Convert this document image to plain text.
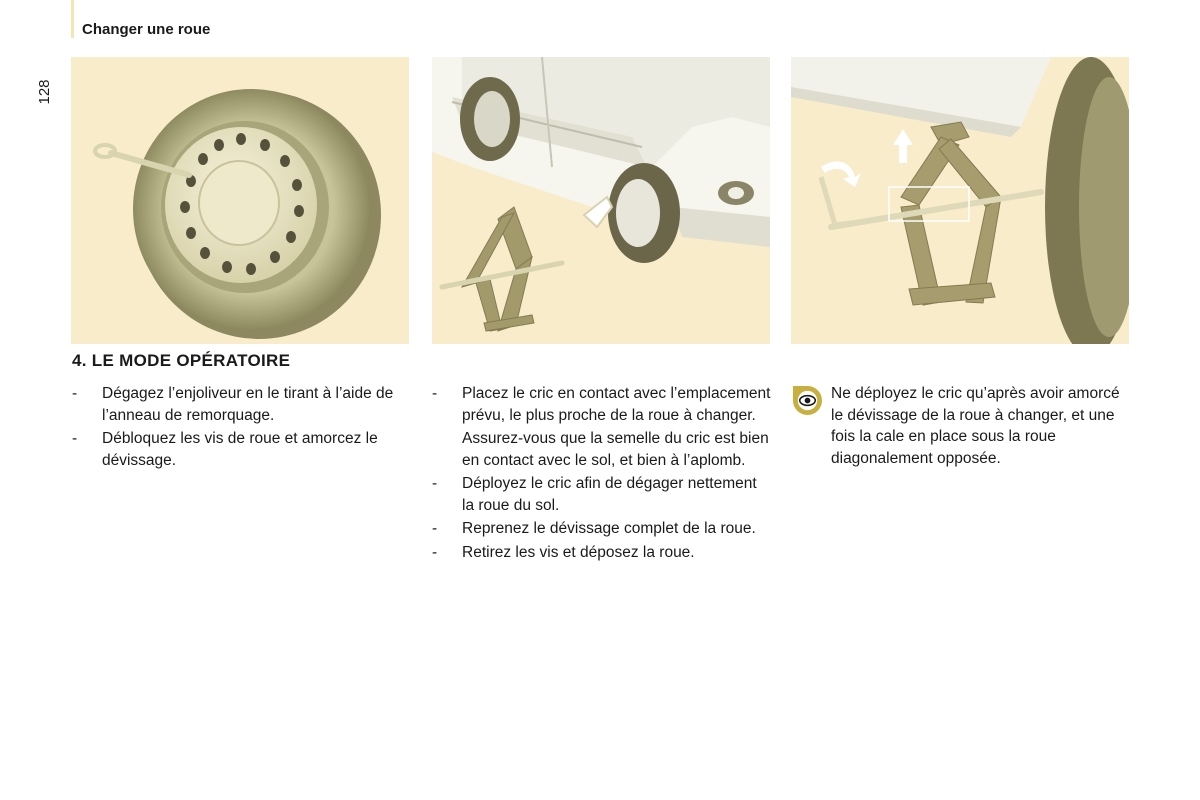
Changer une roue
128
4. LE MODE OPÉRATOIRE
- Dégagez l’enjoliveur en le tirant à l’aide de l’anneau de remorquage.
- Débloquez les vis de roue et amorcez le dévissage.
- Placez le cric en contact avec l’emplacement prévu, le plus proche de la roue à changer.

Assurez-vous que la semelle du cric est bien en contact avec le sol, et bien à l’aplomb.

- Déployez le cric afin de dégager nettement la roue du sol.
- Reprenez le dévissage complet de la roue.
- Retirez les vis et déposez la roue.
Ne déployez le cric qu’après avoir amorcé le dévissage de la roue à changer, et une fois la cale en place sous la roue diagonalement opposée.
